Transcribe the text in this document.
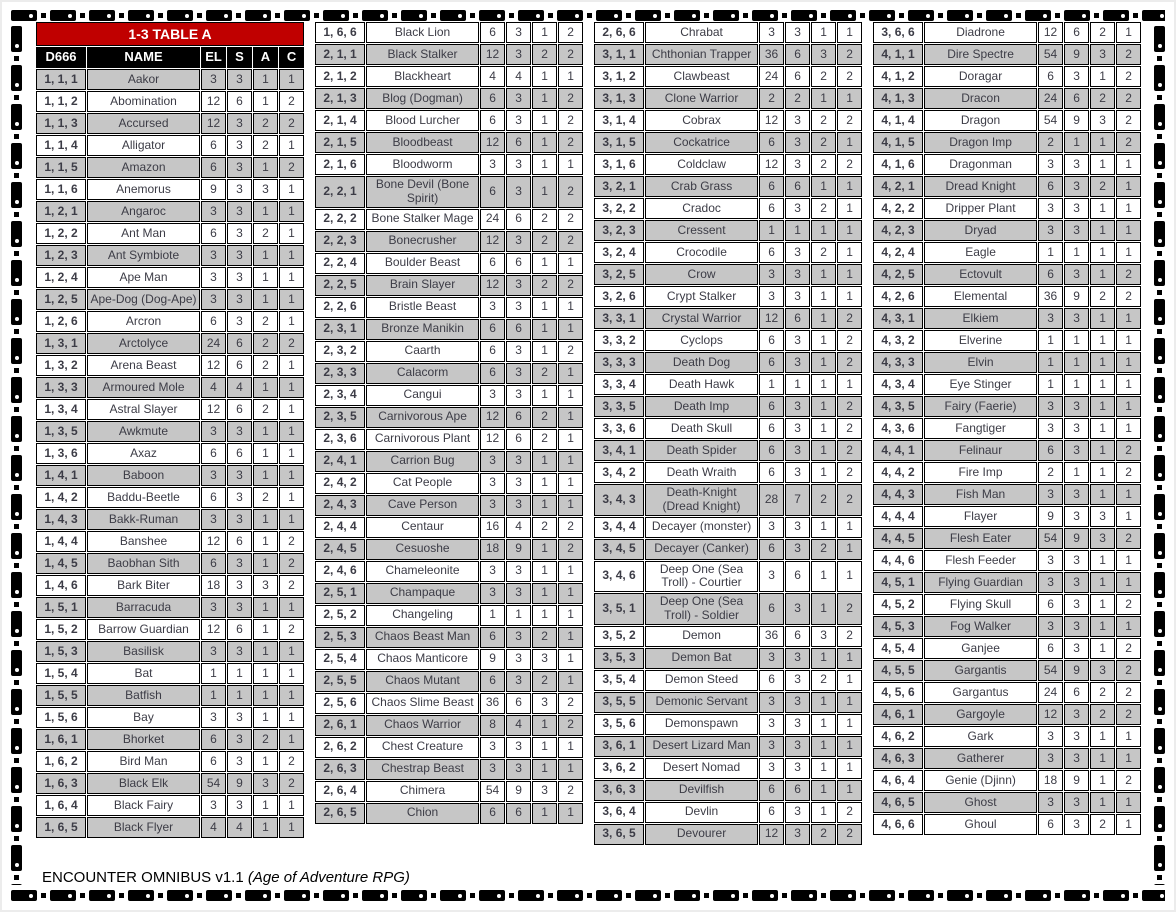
1-3 TABLE A					
D666	NAME	EL	S	A	C
1, 1, 1	Aakor	3	3	1	1
1, 1, 2	Abomination	12	6	1	2
1, 1, 3	Accursed	12	3	2	2
1, 1, 4	Alligator	6	3	2	1
1, 1, 5	Amazon	6	3	1	2
1, 1, 6	Anemorus	9	3	3	1
1, 2, 1	Angaroc	3	3	1	1
1, 2, 2	Ant Man	6	3	2	1
1, 2, 3	Ant Symbiote	3	3	1	1
1, 2, 4	Ape Man	3	3	1	1
1, 2, 5	Ape-Dog (Dog-Ape)	3	3	1	1
1, 2, 6	Arcron	6	3	2	1
1, 3, 1	Arctolyce	24	6	2	2
1, 3, 2	Arena Beast	12	6	2	1
1, 3, 3	Armoured Mole	4	4	1	1
1, 3, 4	Astral Slayer	12	6	2	1
1, 3, 5	Awkmute	3	3	1	1
1, 3, 6	Axaz	6	6	1	1
1, 4, 1	Baboon	3	3	1	1
1, 4, 2	Baddu-Beetle	6	3	2	1
1, 4, 3	Bakk-Ruman	3	3	1	1
1, 4, 4	Banshee	12	6	1	2
1, 4, 5	Baobhan Sith	6	3	1	2
1, 4, 6	Bark Biter	18	3	3	2
1, 5, 1	Barracuda	3	3	1	1
1, 5, 2	Barrow Guardian	12	6	1	2
1, 5, 3	Basilisk	3	3	1	1
1, 5, 4	Bat	1	1	1	1
1, 5, 5	Batfish	1	1	1	1
1, 5, 6	Bay	3	3	1	1
1, 6, 1	Bhorket	6	3	2	1
1, 6, 2	Bird Man	6	3	1	2
1, 6, 3	Black Elk	54	9	3	2
1, 6, 4	Black Fairy	3	3	1	1
1, 6, 5	Black Flyer	4	4	1	1
1, 6, 6	Black Lion	6	3	1	2
2, 1, 1	Black Stalker	12	3	2	2
2, 1, 2	Blackheart	4	4	1	1
2, 1, 3	Blog (Dogman)	6	3	1	2
2, 1, 4	Blood Lurcher	6	3	1	2
2, 1, 5	Bloodbeast	12	6	1	2
2, 1, 6	Bloodworm	3	3	1	1
2, 2, 1	Bone Devil (Bone Spirit)	6	3	1	2
2, 2, 2	Bone Stalker Mage	24	6	2	2
2, 2, 3	Bonecrusher	12	3	2	2
2, 2, 4	Boulder Beast	6	6	1	1
2, 2, 5	Brain Slayer	12	3	2	2
2, 2, 6	Bristle Beast	3	3	1	1
2, 3, 1	Bronze Manikin	6	6	1	1
2, 3, 2	Caarth	6	3	1	2
2, 3, 3	Calacorm	6	3	2	1
2, 3, 4	Cangui	3	3	1	1
2, 3, 5	Carnivorous Ape	12	6	2	1
2, 3, 6	Carnivorous Plant	12	6	2	1
2, 4, 1	Carrion Bug	3	3	1	1
2, 4, 2	Cat People	3	3	1	1
2, 4, 3	Cave Person	3	3	1	1
2, 4, 4	Centaur	16	4	2	2
2, 4, 5	Cesuoshe	18	9	1	2
2, 4, 6	Chameleonite	3	3	1	1
2, 5, 1	Champaque	3	3	1	1
2, 5, 2	Changeling	1	1	1	1
2, 5, 3	Chaos Beast Man	6	3	2	1
2, 5, 4	Chaos Manticore	9	3	3	1
2, 5, 5	Chaos Mutant	6	3	2	1
2, 5, 6	Chaos Slime Beast	36	6	3	2
2, 6, 1	Chaos Warrior	8	4	1	2
2, 6, 2	Chest Creature	3	3	1	1
2, 6, 3	Chestrap Beast	3	3	1	1
2, 6, 4	Chimera	54	9	3	2
2, 6, 5	Chion	6	6	1	1
2, 6, 6	Chrabat	3	3	1	1
3, 1, 1	Chthonian Trapper	36	6	3	2
3, 1, 2	Clawbeast	24	6	2	2
3, 1, 3	Clone Warrior	2	2	1	1
3, 1, 4	Cobrax	12	3	2	2
3, 1, 5	Cockatrice	6	3	2	1
3, 1, 6	Coldclaw	12	3	2	2
3, 2, 1	Crab Grass	6	6	1	1
3, 2, 2	Cradoc	6	3	2	1
3, 2, 3	Cressent	1	1	1	1
3, 2, 4	Crocodile	6	3	2	1
3, 2, 5	Crow	3	3	1	1
3, 2, 6	Crypt Stalker	3	3	1	1
3, 3, 1	Crystal Warrior	12	6	1	2
3, 3, 2	Cyclops	6	3	1	2
3, 3, 3	Death Dog	6	3	1	2
3, 3, 4	Death Hawk	1	1	1	1
3, 3, 5	Death Imp	6	3	1	2
3, 3, 6	Death Skull	6	3	1	2
3, 4, 1	Death Spider	6	3	1	2
3, 4, 2	Death Wraith	6	3	1	2
3, 4, 3	Death-Knight (Dread Knight)	28	7	2	2
3, 4, 4	Decayer (monster)	3	3	1	1
3, 4, 5	Decayer (Canker)	6	3	2	1
3, 4, 6	Deep One (Sea Troll) - Courtier	3	6	1	1
3, 5, 1	Deep One (Sea Troll) - Soldier	6	3	1	2
3, 5, 2	Demon	36	6	3	2
3, 5, 3	Demon Bat	3	3	1	1
3, 5, 4	Demon Steed	6	3	2	1
3, 5, 5	Demonic Servant	3	3	1	1
3, 5, 6	Demonspawn	3	3	1	1
3, 6, 1	Desert Lizard Man	3	3	1	1
3, 6, 2	Desert Nomad	3	3	1	1
3, 6, 3	Devilfish	6	6	1	1
3, 6, 4	Devlin	6	3	1	2
3, 6, 5	Devourer	12	3	2	2
3, 6, 6	Diadrone	12	6	2	1
4, 1, 1	Dire Spectre	54	9	3	2
4, 1, 2	Doragar	6	3	1	2
4, 1, 3	Dracon	24	6	2	2
4, 1, 4	Dragon	54	9	3	2
4, 1, 5	Dragon Imp	2	1	1	2
4, 1, 6	Dragonman	3	3	1	1
4, 2, 1	Dread Knight	6	3	2	1
4, 2, 2	Dripper Plant	3	3	1	1
4, 2, 3	Dryad	3	3	1	1
4, 2, 4	Eagle	1	1	1	1
4, 2, 5	Ectovult	6	3	1	2
4, 2, 6	Elemental	36	9	2	2
4, 3, 1	Elkiem	3	3	1	1
4, 3, 2	Elverine	1	1	1	1
4, 3, 3	Elvin	1	1	1	1
4, 3, 4	Eye Stinger	1	1	1	1
4, 3, 5	Fairy (Faerie)	3	3	1	1
4, 3, 6	Fangtiger	3	3	1	1
4, 4, 1	Felinaur	6	3	1	2
4, 4, 2	Fire Imp	2	1	1	2
4, 4, 3	Fish Man	3	3	1	1
4, 4, 4	Flayer	9	3	3	1
4, 4, 5	Flesh Eater	54	9	3	2
4, 4, 6	Flesh Feeder	3	3	1	1
4, 5, 1	Flying Guardian	3	3	1	1
4, 5, 2	Flying Skull	6	3	1	2
4, 5, 3	Fog Walker	3	3	1	1
4, 5, 4	Ganjee	6	3	1	2
4, 5, 5	Gargantis	54	9	3	2
4, 5, 6	Gargantus	24	6	2	2
4, 6, 1	Gargoyle	12	3	2	2
4, 6, 2	Gark	3	3	1	1
4, 6, 3	Gatherer	3	3	1	1
4, 6, 4	Genie (Djinn)	18	9	1	2
4, 6, 5	Ghost	3	3	1	1
4, 6, 6	Ghoul	6	3	2	1
ENCOUNTER OMNIBUS v1.1 (Age of Adventure RPG)
